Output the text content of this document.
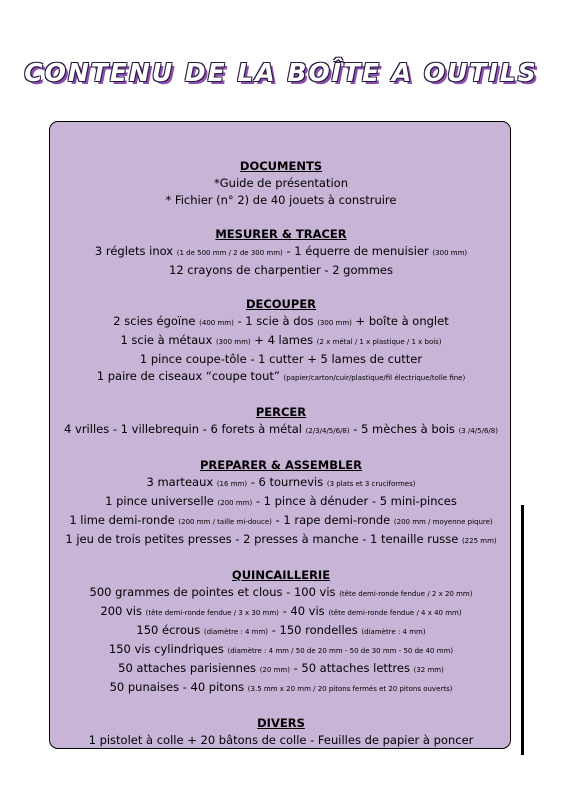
CONTENU DE LA BOÎTE A OUTILS
DOCUMENTS
*Guide de présentation
* Fichier (n° 2) de 40 jouets à construire
MESURER & TRACER
3 réglets inox (1 de 500 mm / 2 de 300 mm) - 1 équerre de menuisier (300 mm)
12 crayons de charpentier - 2 gommes
DECOUPER
2 scies égoïne (400 mm) - 1 scie à dos (300 mm) + boîte à onglet
1 scie à métaux (300 mm) + 4 lames (2 x métal / 1 x plastique / 1 x bois)
1 pince coupe-tôle - 1 cutter + 5 lames de cutter
1 paire de ciseaux “coupe tout” (papier/carton/cuir/plastique/fil électrique/tolle fine)
PERCER
4 vrilles - 1 villebrequin - 6 forets à métal (2/3/4/5/6/8) - 5 mèches à bois (3 /4/5/6/8)
PREPARER & ASSEMBLER
3 marteaux (16 mm) - 6 tournevis (3 plats et 3 cruciformes)
1 pince universelle (200 mm) - 1 pince à dénuder - 5 mini-pinces
1 lime demi-ronde (200 mm / taille mi-douce) - 1 rape demi-ronde (200 mm / moyenne piqure)
1 jeu de trois petites presses - 2 presses à manche - 1 tenaille russe (225 mm)
QUINCAILLERIE
500 grammes de pointes et clous - 100 vis (tête demi-ronde fendue / 2 x 20 mm)
200 vis (tête demi-ronde fendue / 3 x 30 mm) - 40 vis (tête demi-ronde fendue / 4 x 40 mm)
150 écrous (diamètre : 4 mm) - 150 rondelles (diamètre : 4 mm)
150 vis cylindriques (diamètre : 4 mm / 50 de 20 mm - 50 de 30 mm - 50 de 40 mm)
50 attaches parisiennes (20 mm) - 50 attaches lettres (32 mm)
50 punaises - 40 pitons (3.5 mm x 20 mm / 20 pitons fermés et 20 pitons ouverts)
DIVERS
1 pistolet à colle + 20 bâtons de colle - Feuilles de papier à poncer
